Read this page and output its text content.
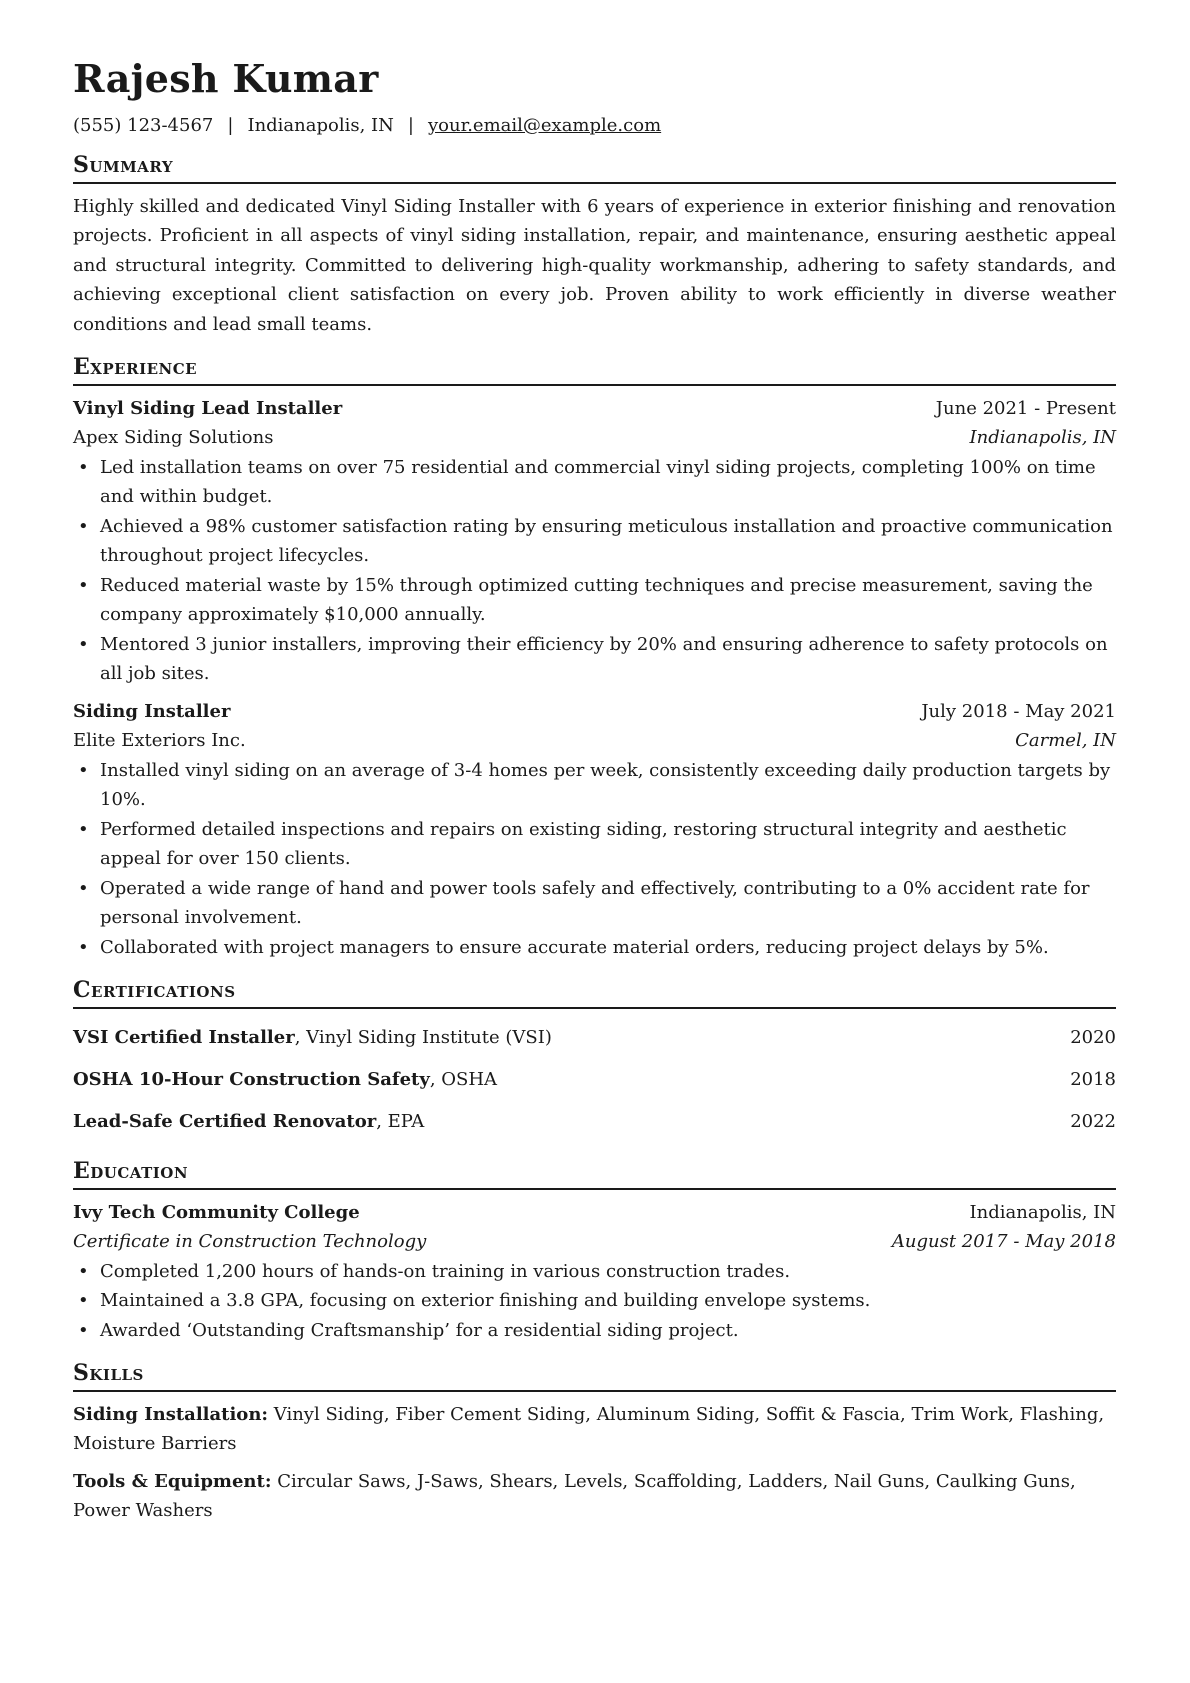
Rajesh Kumar
(555) 123-4567 | Indianapolis, IN | your.email@example.com
Summary

Highly skilled and dedicated Vinyl Siding Installer with 6 years of experience in exterior finishing and renovation projects. Proficient in all aspects of vinyl siding installation, repair, and maintenance, ensuring aesthetic appeal and structural integrity. Committed to delivering high-quality workmanship, adhering to safety standards, and achieving exceptional client satisfaction on every job. Proven ability to work efficiently in diverse weather conditions and lead small teams.

Experience
Vinyl Siding Lead Installer	June 2021 - Present
Apex Siding Solutions	Indianapolis, IN
• Led installation teams on over 75 residential and commercial vinyl siding projects, completing 100% on time and within budget.
• Achieved a 98% customer satisfaction rating by ensuring meticulous installation and proactive communication throughout project lifecycles.
• Reduced material waste by 15% through optimized cutting techniques and precise measurement, saving the company approximately $10,000 annually.
• Mentored 3 junior installers, improving their efficiency by 20% and ensuring adherence to safety protocols on all job sites.
Siding Installer	July 2018 - May 2021
Elite Exteriors Inc.	Carmel, IN
• Installed vinyl siding on an average of 3-4 homes per week, consistently exceeding daily production targets by 10%.
• Performed detailed inspections and repairs on existing siding, restoring structural integrity and aesthetic appeal for over 150 clients.
• Operated a wide range of hand and power tools safely and effectively, contributing to a 0% accident rate for personal involvement.
• Collaborated with project managers to ensure accurate material orders, reducing project delays by 5%.
Certifications
VSI Certified Installer, Vinyl Siding Institute (VSI)	2020
OSHA 10-Hour Construction Safety, OSHA	2018
Lead-Safe Certified Renovator, EPA	2022
Education
Ivy Tech Community College	Indianapolis, IN
Certificate in Construction Technology	August 2017 - May 2018
• Completed 1,200 hours of hands-on training in various construction trades.
• Maintained a 3.8 GPA, focusing on exterior finishing and building envelope systems.
• Awarded ‘Outstanding Craftsmanship’ for a residential siding project.
Skills

Siding Installation: Vinyl Siding, Fiber Cement Siding, Aluminum Siding, Soffit & Fascia, Trim Work, Flashing, Moisture Barriers

Tools & Equipment: Circular Saws, J-Saws, Shears, Levels, Scaffolding, Ladders, Nail Guns, Caulking Guns, Power Washers
